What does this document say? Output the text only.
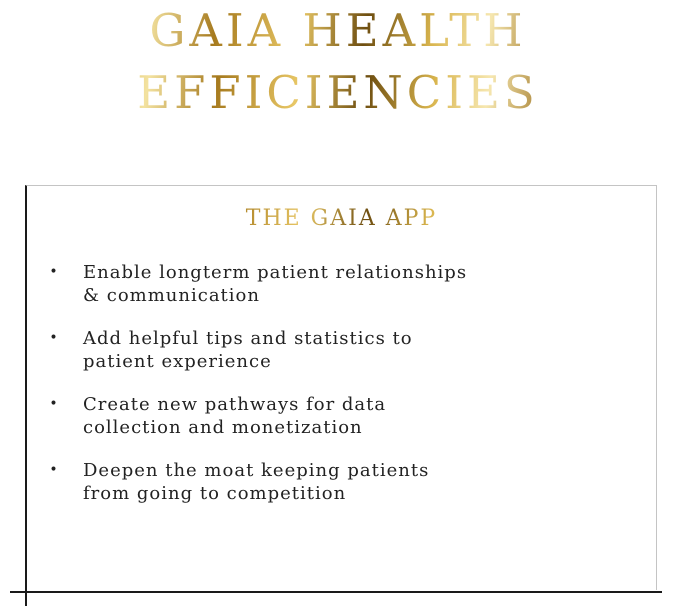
GAIA HEALTH
EFFICIENCIES
THE GAIA APP
• Enable longterm patient relationships & communication
• Add helpful tips and statistics to patient experience
• Create new pathways for data collection and monetization
• Deepen the moat keeping patients from going to competition
